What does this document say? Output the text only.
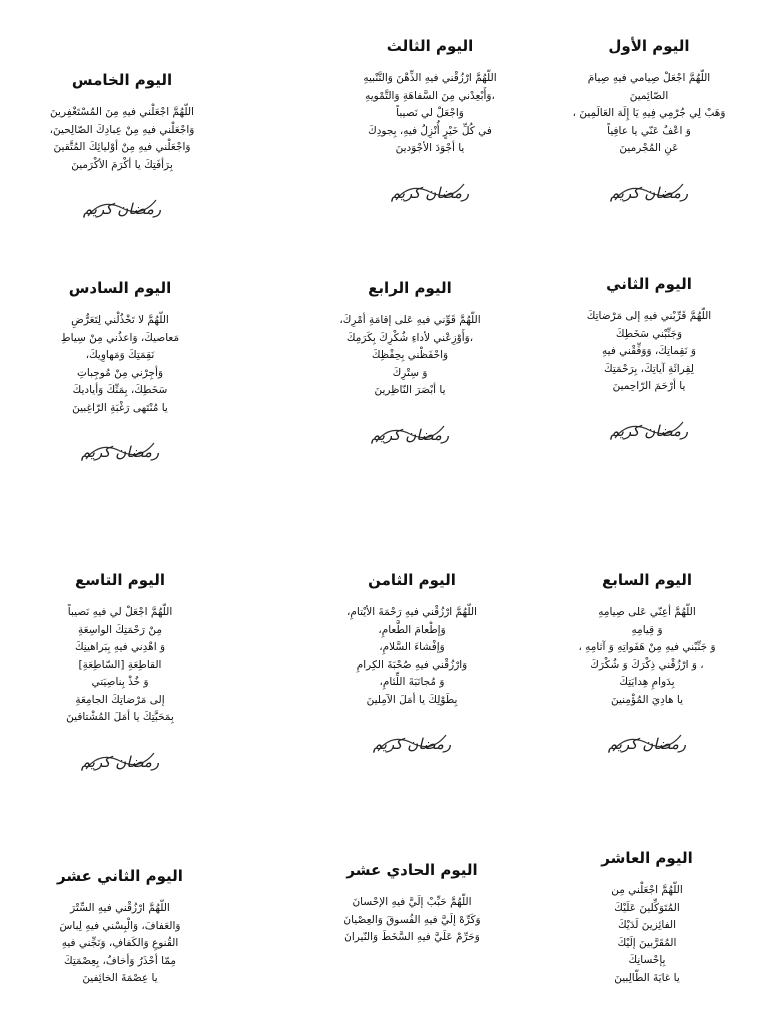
اليوم الأول
اللّهُمَّ اجْعَلْ صِيامي فيهِ صِيامَ
الصّائِمينَ
وَهَبْ لِي جُرْمِي فِيهِ يَا إِلَهَ العَالَمِينَ ،
وَ اعْفُ عَنّي يا عافِياً
عَنِ المُجْرمينَ
رمضان كريم
اليوم الثالث
اللّهُمَّ ارْزُقْني فيهِ الذِّهْنَ وَالتَّنْبيهِ
،وَأَبْعِدْني مِنَ السَّفاهَةِ وَالتَّمْويهِ
وَاجْعَلْ لي نَصيباً
في كُلِّ خَيْرٍ أُنْزِلُ فيهِ، بِجودِكَ
يا أجْوَدَ الأجْوَدينَ
رمضان كريم
اليوم الخامس
اللّهُمَّ اجْعَلْني فيهِ مِنَ المُسْتَغْفِرينَ
وَاجْعَلْني فيهِ مِنْ عِبادِكَ الصّالِحينَ،
وَاجْعَلْني فيهِ مِنْ أوْليائِكَ المُتَّقينَ
بِرَأفَتِكَ يا أكْرَمَ الأكْرَمينَ
رمضان كريم
اليوم الثاني
اللّهُمَّ قَرِّبْني فيهِ إلى مَرْضاتِكَ
وَجَنِّبْني سَخَطِكَ
وَ نَقِماتِكَ، وَوَفِّقْني فيهِ
لِقِرائَةِ آياتِكَ، بِرَحْمَتِكَ
يا أرْحَمَ الرّاحِمينَ
رمضان كريم
اليوم الرابع
اللّهُمَّ قَوِّني فيهِ عَلى إقامَةِ أمْرِكَ،
،وَأَوْزِعْني لأداءِ شُكْرِكَ بِكَرَمِكَ
وَاحْفَظْني بِحِفْظِكَ
وَ سِتْرِكَ
يا أبْصَرَ النّاظِرينَ
رمضان كريم
اليوم السادس
اللّهُمَّ لا تَخْذُلْني لِتَعَرُّضِ
مَعاصيكَ، وَاعذُني مِنْ سِياطِ
نَقِمَتِكَ وَمَهاوِيكَ،
وَأجِرْني مِنْ مُوجِباتِ
سَخَطِكَ، بِمَنِّكَ وَأياديكَ
يا مُنْتَهى رَغْبَةِ الرّاغِبينَ
رمضان كريم
اليوم السابع
اللّهُمَّ أعِنّي عَلى صِيامِهِ
وَ قِيامِهِ
وَ جَنِّبْني فيهِ مِنْ هَفَواتِهِ وَ آثامِهِ ،
، وَ ارْزُقْني ذِكْرَكَ وَ شُكْرَكَ
بِدَوامِ هِدايَتِكَ
يا هادِيَ المُؤْمِنينَ
رمضان كريم
اليوم الثامن
اللّهُمَّ ارْزُقْني فيهِ رَحْمَةَ الأيْتامِ،
وَإطْعامَ الطَّعامِ،
وَإفْشاءَ السَّلامِ،
وَارْزُقْني فيهِ صُحْبَةَ الكِرامِ
وَ مُجانَبَةَ اللِّئامِ،
بِطَوْلِكَ يا أمَلَ الآمِلينَ
رمضان كريم
اليوم التاسع
اللّهُمَّ اجْعَلْ لي فيهِ نَصيباً
مِنْ رَحْمَتِكَ الواسِعَةِ
وَ اهْدِني فيهِ بِبَراهينِكَ
القاطِعَةِ [السّاطِعَةِ]
وَ خُذْ بِناصِيَتي
إلى مَرْضاتِكَ الجامِعَةِ
بِمَحَبَّتِكَ يا أمَلَ المُشْتاقينَ
رمضان كريم
اليوم العاشر
اللّهُمَّ اجْعَلْني مِن
المُتَوَكِّلينَ عَلَيْكَ
الفائِزينَ لَدَيْكَ
المُقَرَّبينَ إلَيْكَ
بِإحْسانِكَ
يا غايَةَ الطّالِبينَ
اليوم الحادي عشر
اللّهُمَّ حَبِّبْ إلَيَّ فيهِ الإحْسانَ
وَكَرِّهْ إلَيَّ فيهِ الفُسوقَ وَالعِصْيانَ
وَحَرِّمْ عَلَيَّ فيهِ السَّخَطَ وَالنّيرانَ
اليوم الثاني عشر
اللّهُمَّ ارْزُقْني فيهِ السِّتْرَ
وَالعَفافَ، وَالْبِسْني فيهِ لِباسَ
القُنوعِ وَالكَفافِ، وَنَجِّني فيهِ
مِمّا أحْذَرُ وَأخافُ، بِعِصْمَتِكَ
يا عِصْمَةَ الخائِفينَ
